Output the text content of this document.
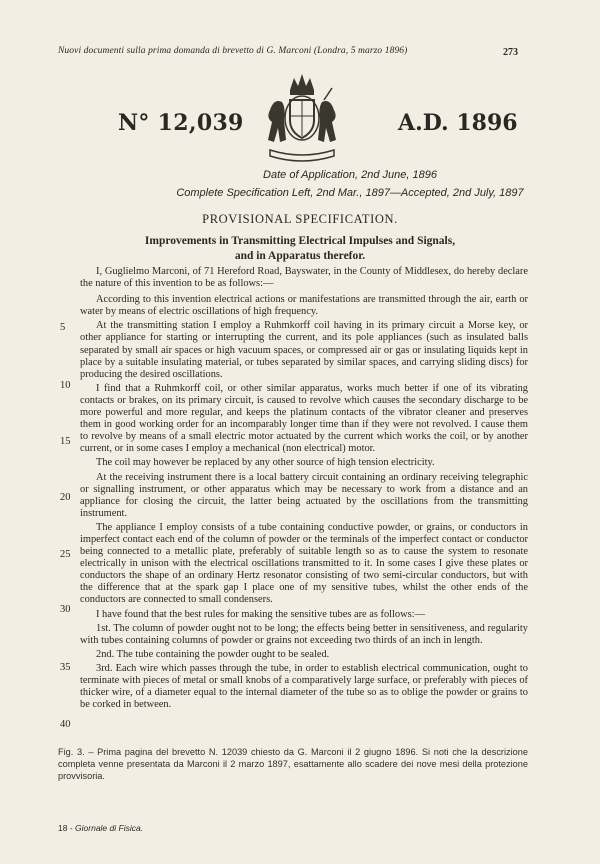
Nuovi documenti sulla prima domanda di brevetto di G. Marconi (Londra, 5 marzo 1896)	273
N° 12,039	A.D. 1896
Date of Application, 2nd June, 1896
Complete Specification Left, 2nd Mar., 1897—Accepted, 2nd July, 1897
PROVISIONAL SPECIFICATION.
Improvements in Transmitting Electrical Impulses and Signals,
and in Apparatus therefor.

I, Guglielmo Marconi, of 71 Hereford Road, Bayswater, in the County of Middlesex, do hereby declare the nature of this invention to be as follows:—

According to this invention electrical actions or manifestations are transmitted through the air, earth or water by means of electric oscillations of high frequency.

At the transmitting station I employ a Ruhmkorff coil having in its primary circuit a Morse key, or other appliance for starting or interrupting the current, and its pole appliances (such as insulated balls separated by small air spaces or high vacuum spaces, or compressed air or gas or insulating liquids kept in place by a suitable insulating material, or tubes separated by similar spaces, and carrying sliding discs) for producing the desired oscillations.

I find that a Ruhmkorff coil, or other similar apparatus, works much better if one of its vibrating contacts or brakes, on its primary circuit, is caused to revolve which causes the secondary discharge to be more powerful and more regular, and keeps the platinum contacts of the vibrator cleaner and preserves them in good working order for an incomparably longer time than if they were not revolved. I cause them to revolve by means of a small electric motor actuated by the current which works the coil, or by another current, or in some cases I employ a mechanical (non electrical) motor.

The coil may however be replaced by any other source of high tension electricity.

At the receiving instrument there is a local battery circuit containing an ordinary receiving telegraphic or signalling instrument, or other apparatus which may be necessary to work from a distance and an appliance for closing the circuit, the latter being actuated by the oscillations from the transmitting instrument.

The appliance I employ consists of a tube containing conductive powder, or grains, or conductors in imperfect contact each end of the column of powder or the terminals of the imperfect contact or conductor being connected to a metallic plate, preferably of suitable length so as to cause the system to resonate electrically in unison with the electrical oscillations transmitted to it. In some cases I give these plates or conductors the shape of an ordinary Hertz resonator consisting of two semi-circular conductors, but with the difference that at the spark gap I place one of my sensitive tubes, whilst the other ends of the conductors are connected to small condensers.

I have found that the best rules for making the sensitive tubes are as follows:—

1st. The column of powder ought not to be long; the effects being better in sensitiveness, and regularity with tubes containing columns of powder or grains not exceeding two thirds of an inch in length.

2nd. The tube containing the powder ought to be sealed.

3rd. Each wire which passes through the tube, in order to establish electrical communication, ought to terminate with pieces of metal or small knobs of a comparatively large surface, or preferably with pieces of thicker wire, of a diameter equal to the internal diameter of the tube so as to oblige the powder or grains to be corked in between.

5
10
15
20
25
30
35
40
Fig. 3. – Prima pagina del brevetto N. 12039 chiesto da G. Marconi il 2 giugno 1896. Si noti che la descrizione completa venne presentata da Marconi il 2 marzo 1897, esattamente allo scadere dei nove mesi della protezione provvisoria.
18 - Giornale di Fisica.
